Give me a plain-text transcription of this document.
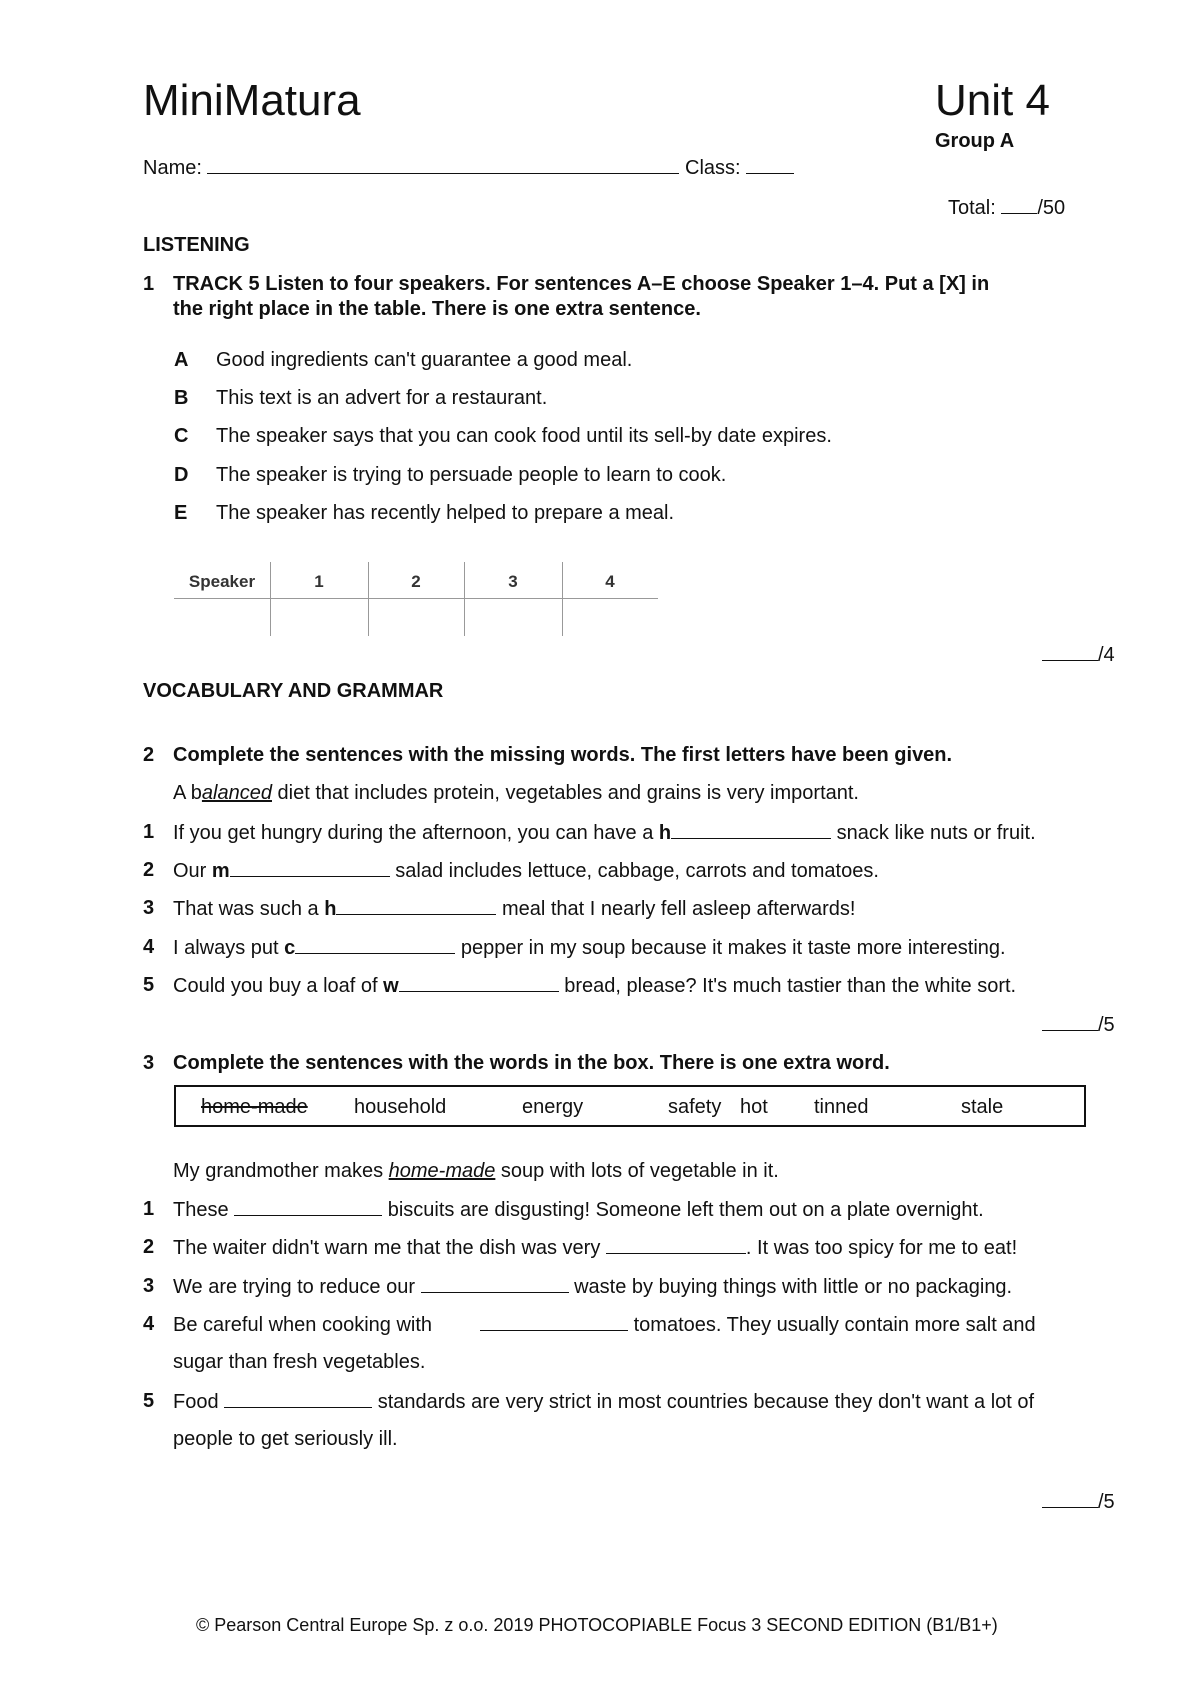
MiniMatura	Unit 4
Group A
Name:	Class:
Total: /50
LISTENING
1 TRACK 5 Listen to four speakers. For sentences A–E choose Speaker 1–4. Put a [X] in
the right place in the table. There is one extra sentence.
A Good ingredients can't guarantee a good meal.
B This text is an advert for a restaurant.
C The speaker says that you can cook food until its sell-by date expires.
D The speaker is trying to persuade people to learn to cook.
E The speaker has recently helped to prepare a meal.
Speaker	1	2	3	4
/4
VOCABULARY AND GRAMMAR
2 Complete the sentences with the missing words. The first letters have been given.
A balanced diet that includes protein, vegetables and grains is very important.
1 If you get hungry during the afternoon, you can have a h	snack like nuts or fruit.
2 Our m	salad includes lettuce, cabbage, carrots and tomatoes.
3 That was such a h	meal that I nearly fell asleep afterwards!
4 I always put c	pepper in my soup because it makes it taste more interesting.
5 Could you buy a loaf of w	bread, please? It's much tastier than the white sort.
/5
3 Complete the sentences with the words in the box. There is one extra word.
home-made household	energy	safety hot tinned	stale
My grandmother makes home-made soup with lots of vegetable in it.
1 These	biscuits are disgusting! Someone left them out on a plate overnight.
2 The waiter didn't warn me that the dish was very	. It was too spicy for me to eat!
3 We are trying to reduce our	waste by buying things with little or no packaging.
4 Be careful when cooking with	tomatoes. They usually contain more salt and
sugar than fresh vegetables.
5 Food	standards are very strict in most countries because they don't want a lot of
people to get seriously ill.
/5
© Pearson Central Europe Sp. z o.o. 2019 PHOTOCOPIABLE Focus 3 SECOND EDITION (B1/B1+)
